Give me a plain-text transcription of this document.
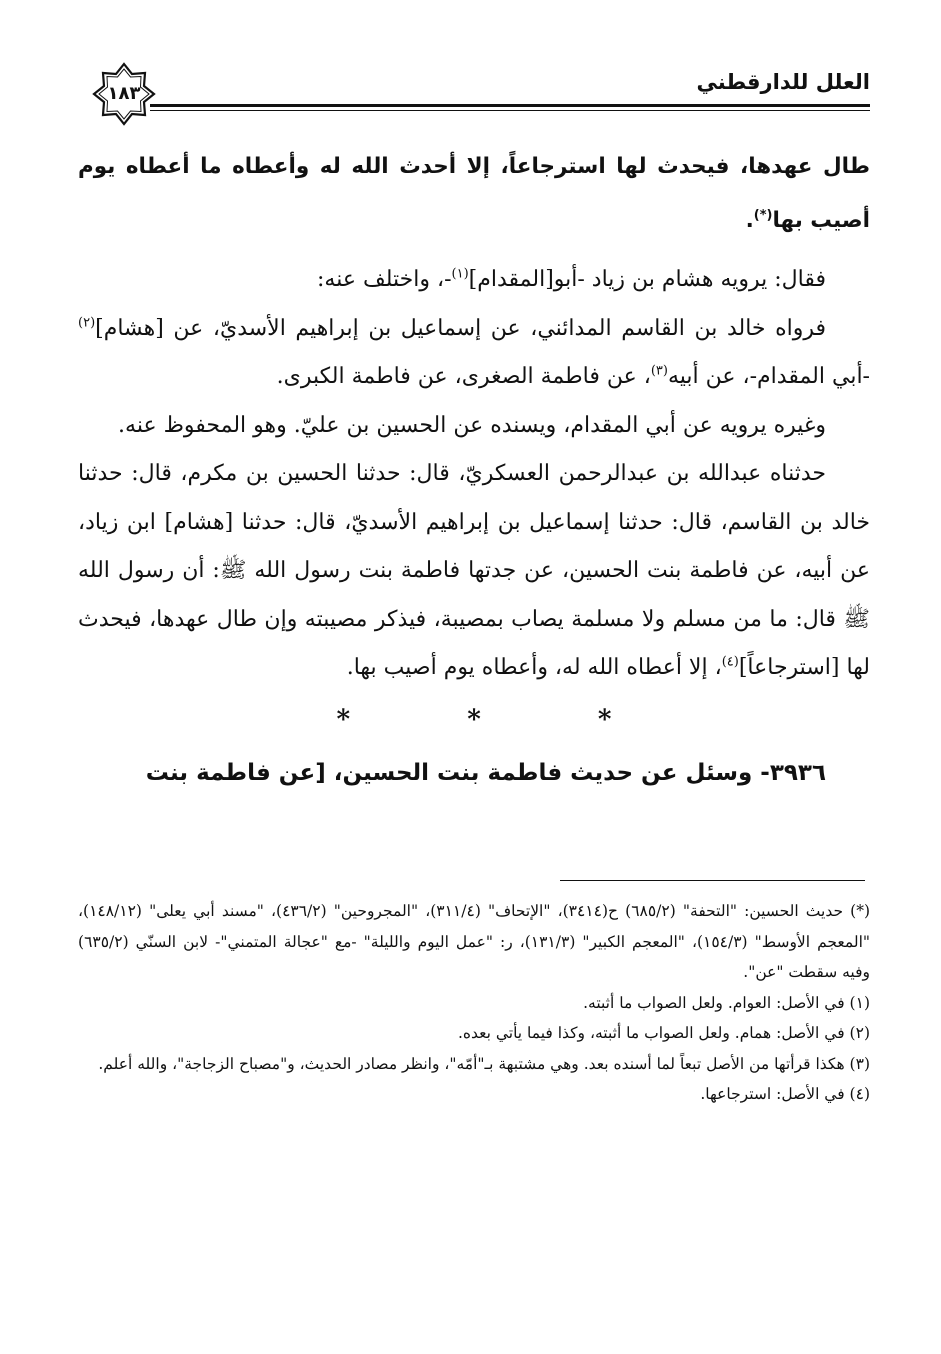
١٨٣	العلل للدارقطني

طال عهدها، فيحدث لها استرجاعاً، إلا أحدث الله له وأعطاه ما أعطاه يوم أصيب بها(*).

فقال: يرويه هشام بن زياد -أبو[المقدام]$^{(١)}$-، واختلف عنه:

فرواه خالد بن القاسم المدائني، عن إسماعيل بن إبراهيم الأسديّ، عن [هشام]$^{(٢)}$ -أبي المقدام-، عن أبيه$^{(٣)}$، عن فاطمة الصغرى، عن فاطمة الكبرى.

وغيره يرويه عن أبي المقدام، ويسنده عن الحسين بن عليّ. وهو المحفوظ عنه.

حدثناه عبدالله بن عبدالرحمن العسكريّ، قال: حدثنا الحسين بن مكرم، قال: حدثنا خالد بن القاسم، قال: حدثنا إسماعيل بن إبراهيم الأسديّ، قال: حدثنا [هشام] ابن زياد، عن أبيه، عن فاطمة بنت الحسين، عن جدتها فاطمة بنت رسول الله ﷺ: أن رسول الله ﷺ قال: ما من مسلم ولا مسلمة يصاب بمصيبة، فيذكر مصيبته وإن طال عهدها، فيحدث لها [استرجاعاً]$^{(٤)}$، إلا أعطاه الله له، وأعطاه يوم أصيب بها.

* * *

٣٩٣٦- وسئل عن حديث فاطمة بنت الحسين، [عن فاطمة بنت

(*) حديث الحسين: "التحفة" (٦٨٥/٢) ح(٣٤١٤)، "الإتحاف" (٣١١/٤)، "المجروحين" (٤٣٦/٢)، "مسند أبي يعلى" (١٤٨/١٢)، "المعجم الأوسط" (١٥٤/٣)، "المعجم الكبير" (١٣١/٣)، ر: "عمل اليوم والليلة" -مع "عجالة المتمني"- لابن السنّي (٦٣٥/٢) وفيه سقطت "عن".

(١) في الأصل: العوام. ولعل الصواب ما أثبته.

(٢) في الأصل: همام. ولعل الصواب ما أثبته، وكذا فيما يأتي بعده.

(٣) هكذا قرأتها من الأصل تبعاً لما أسنده بعد. وهي مشتبهة بـ"أمّه"، وانظر مصادر الحديث، و"مصباح الزجاجة"، والله أعلم.

(٤) في الأصل: استرجاعها.
